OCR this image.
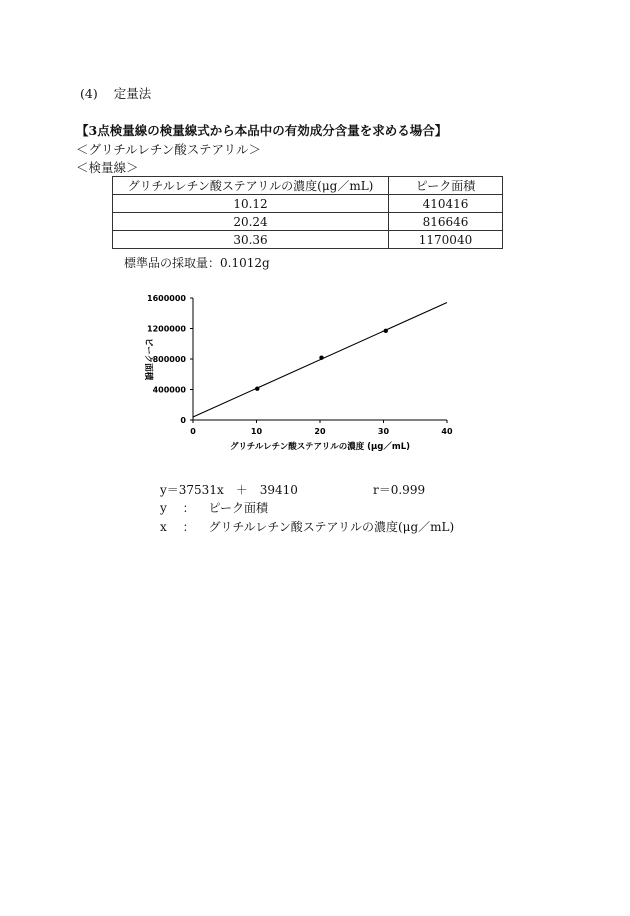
(4) 定量法
【3点検量線の検量線式から本品中の有効成分含量を求める場合】
＜グリチルレチン酸ステアリル＞
＜検量線＞
グリチルレチン酸ステアリルの濃度(μg／mL)	ピーク面積
10.12	410416
20.24	816646
30.36	1170040
標準品の採取量：0.1012g
0
400000
800000
1200000
1600000
0	10	20	30	40
グリチルレチン酸ステアリルの濃度 (μg／mL)
ピーク面積
y＝37531x　＋　39410	r＝0.999
y ： ピーク面積
x ： グリチルレチン酸ステアリルの濃度(μg／mL)
